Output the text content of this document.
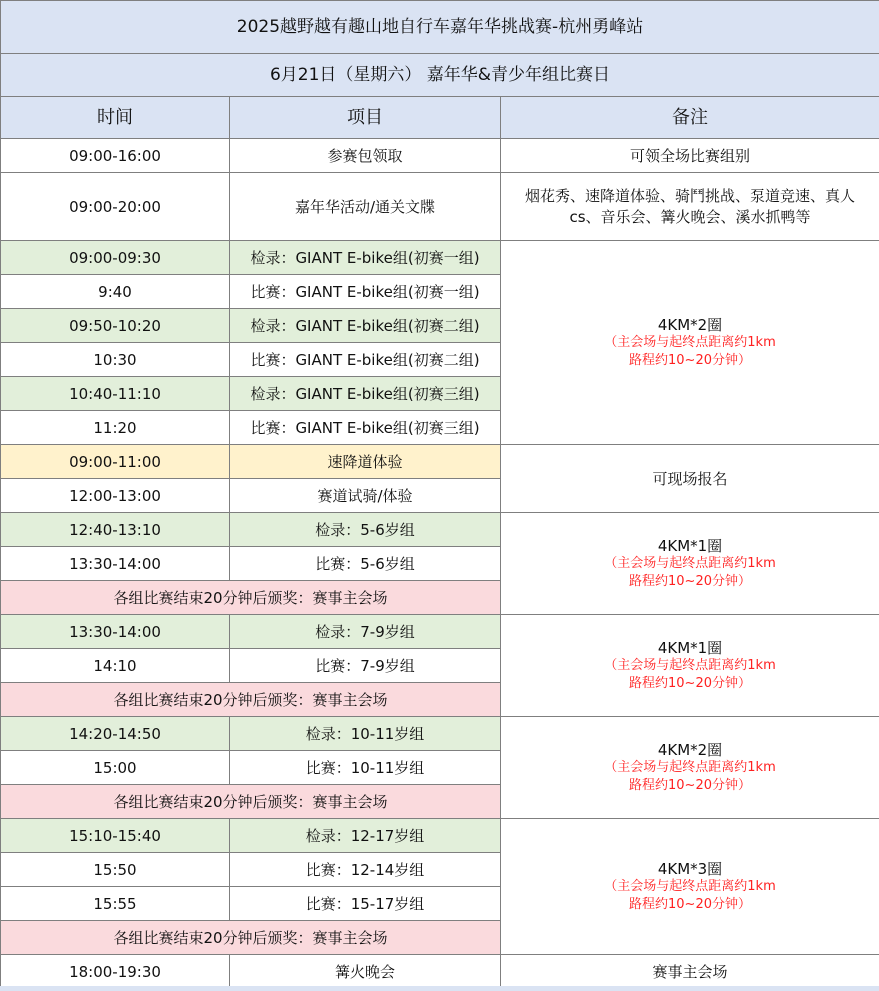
2025越野越有趣山地自行车嘉年华挑战赛-杭州勇峰站		
6月21日（星期六） 嘉年华&青少年组比赛日		
时间	项目	备注
09:00-16:00	参赛包领取	可领全场比赛组别
09:00-20:00	嘉年华活动/通关文牒	烟花秀、速降道体验、骑鬥挑战、泵道竞速、真人cs、音乐会、篝火晚会、溪水抓鸭等
09:00-09:30	检录：GIANT E-bike组(初赛一组)	4KM*2圈
（主会场与起终点距离约1km
路程约10~20分钟）

9:40	比赛：GIANT E-bike组(初赛一组)	
09:50-10:20	检录：GIANT E-bike组(初赛二组)	
10:30	比赛：GIANT E-bike组(初赛二组)	
10:40-11:10	检录：GIANT E-bike组(初赛三组)	
11:20	比赛：GIANT E-bike组(初赛三组)	
09:00-11:00	速降道体验	可现场报名
12:00-13:00	赛道试骑/体验	
12:40-13:10	检录：5-6岁组	4KM*1圈
（主会场与起终点距离约1km
路程约10~20分钟）

13:30-14:00	比赛：5-6岁组	
各组比赛结束20分钟后颁奖：赛事主会场		
13:30-14:00	检录：7-9岁组	4KM*1圈
（主会场与起终点距离约1km
路程约10~20分钟）

14:10	比赛：7-9岁组	
各组比赛结束20分钟后颁奖：赛事主会场		
14:20-14:50	检录：10-11岁组	4KM*2圈
（主会场与起终点距离约1km
路程约10~20分钟）

15:00	比赛：10-11岁组	
各组比赛结束20分钟后颁奖：赛事主会场		
15:10-15:40	检录：12-17岁组	4KM*3圈
（主会场与起终点距离约1km
路程约10~20分钟）

15:50	比赛：12-14岁组	
15:55	比赛：15-17岁组	
各组比赛结束20分钟后颁奖：赛事主会场		
18:00-19:30	篝火晚会	赛事主会场
